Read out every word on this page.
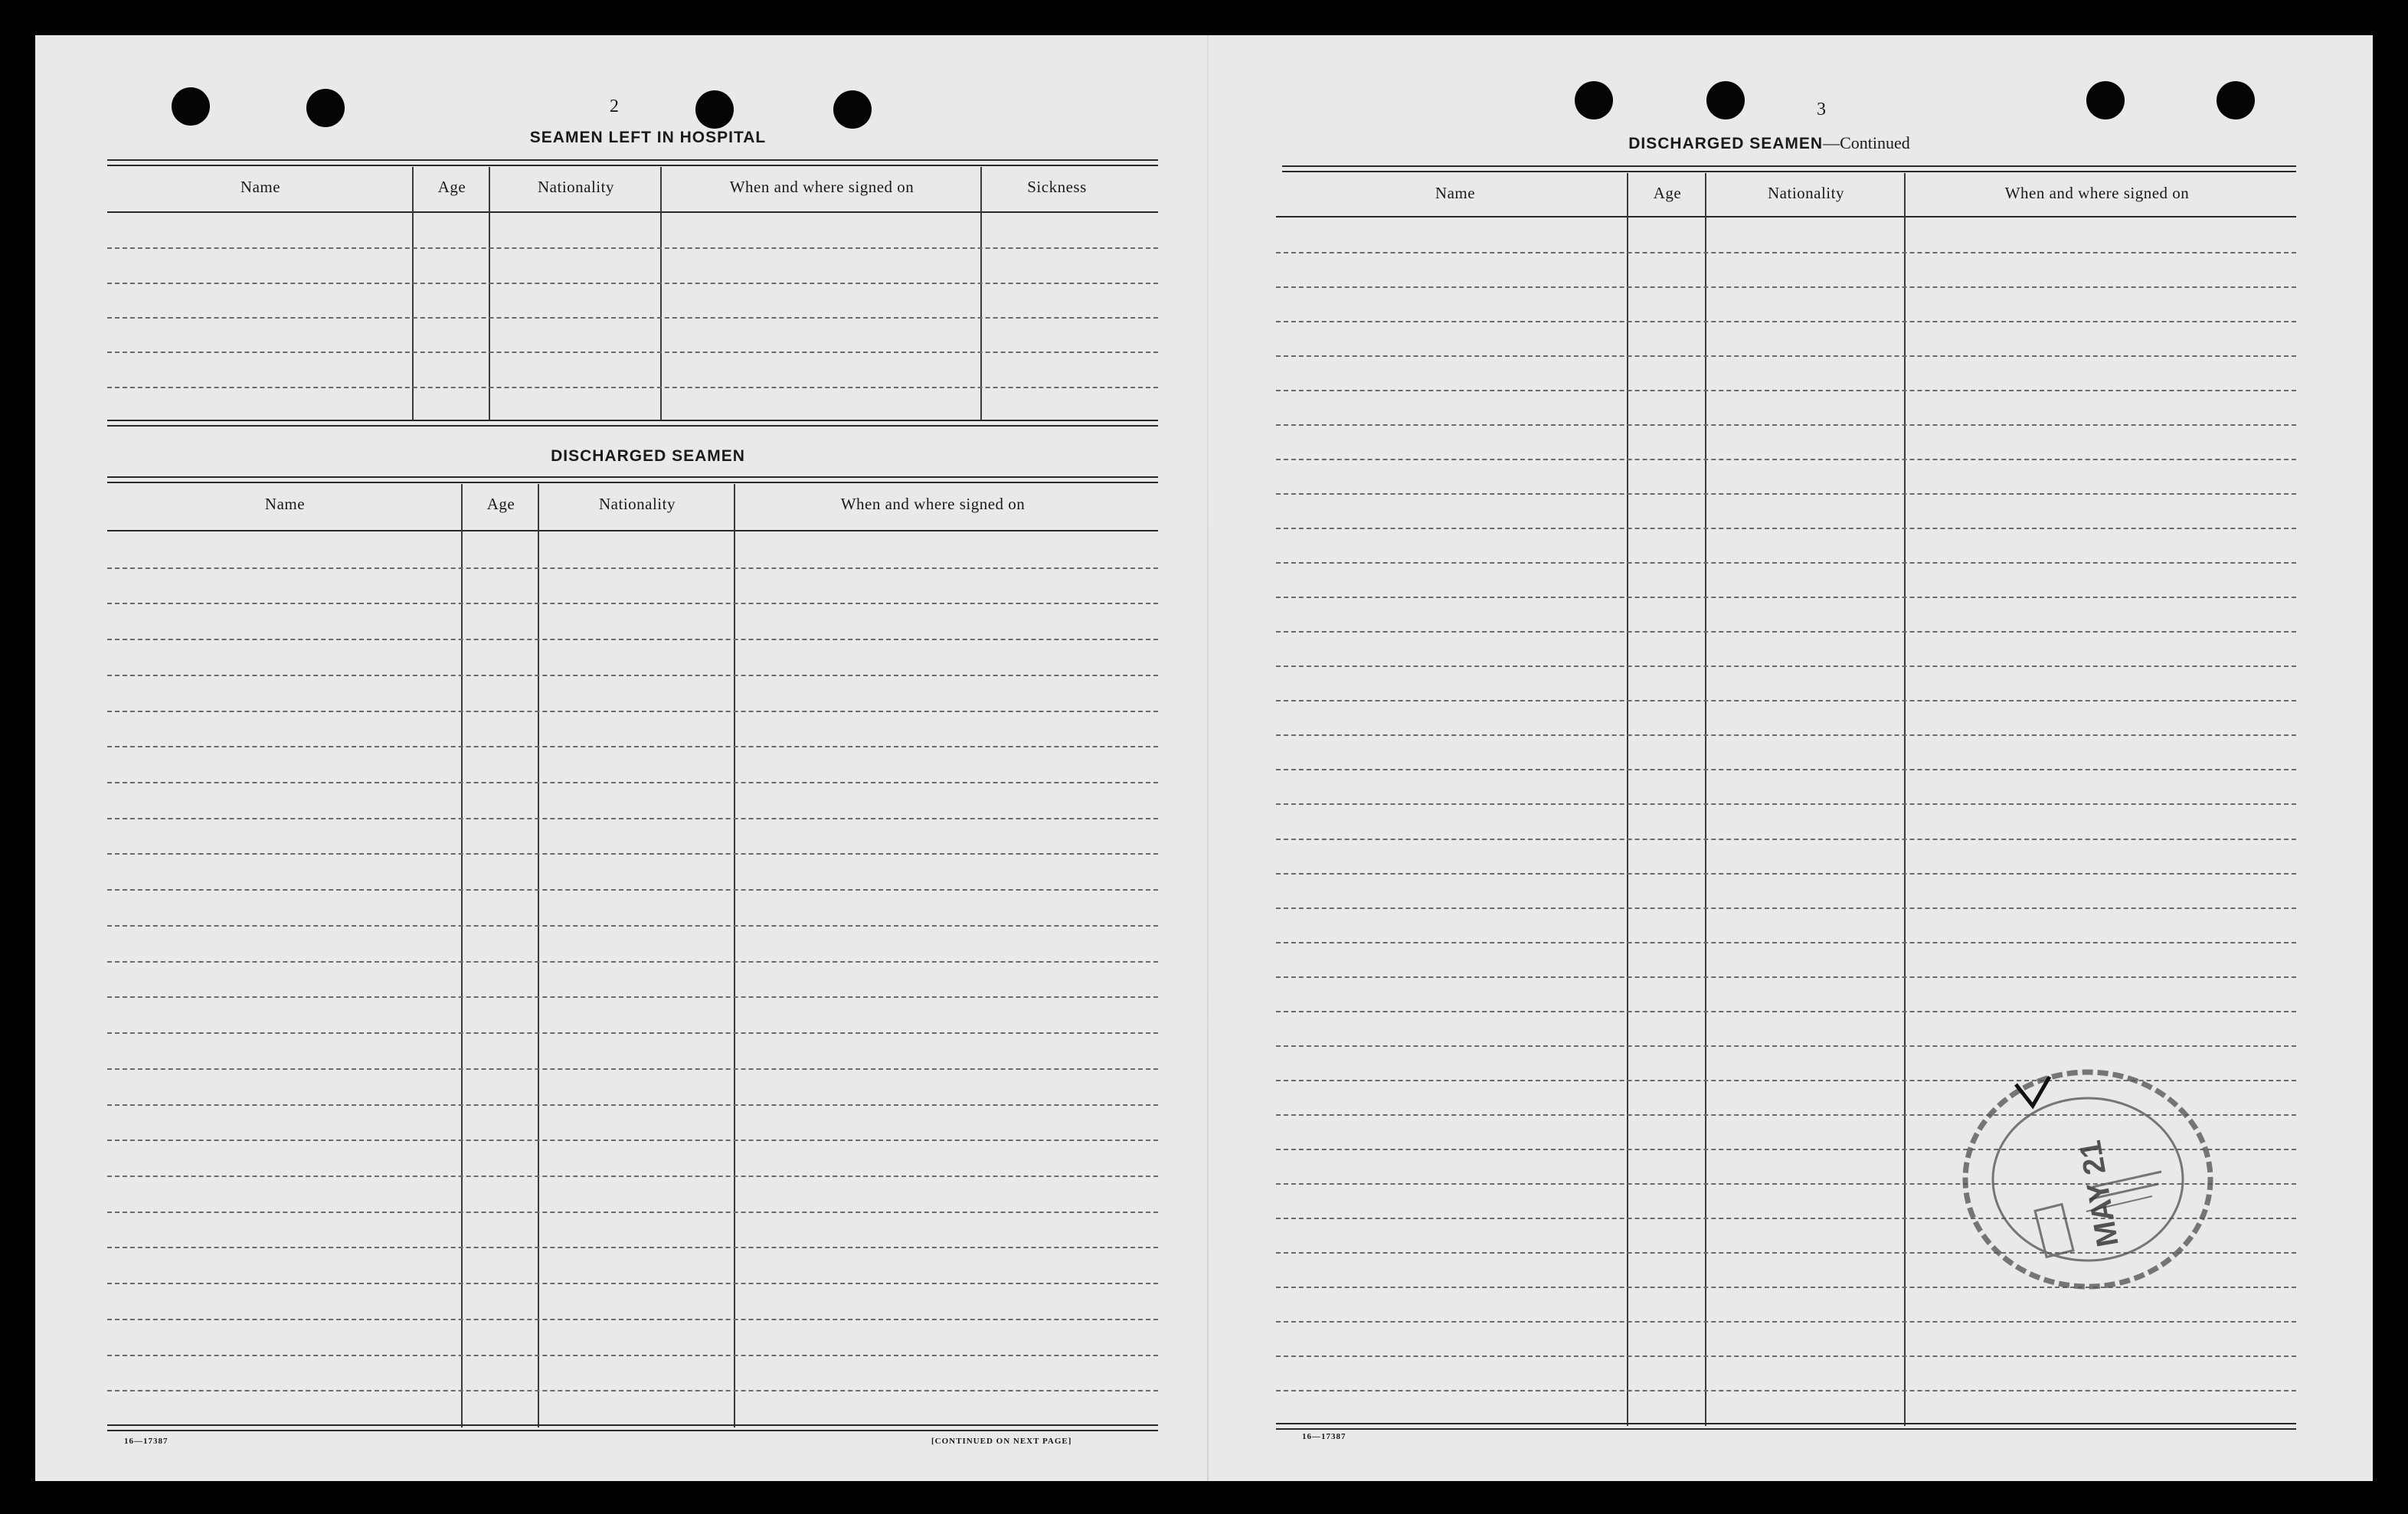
2
SEAMEN LEFT IN HOSPITAL
Name	Age	Nationality	When and where signed on	Sickness
DISCHARGED SEAMEN
Name	Age	Nationality	When and where signed on
16—17387	[CONTINUED ON NEXT PAGE]
3
DISCHARGED SEAMEN—Continued
Name	Age	Nationality	When and where signed on
16—17387
MAY 21
